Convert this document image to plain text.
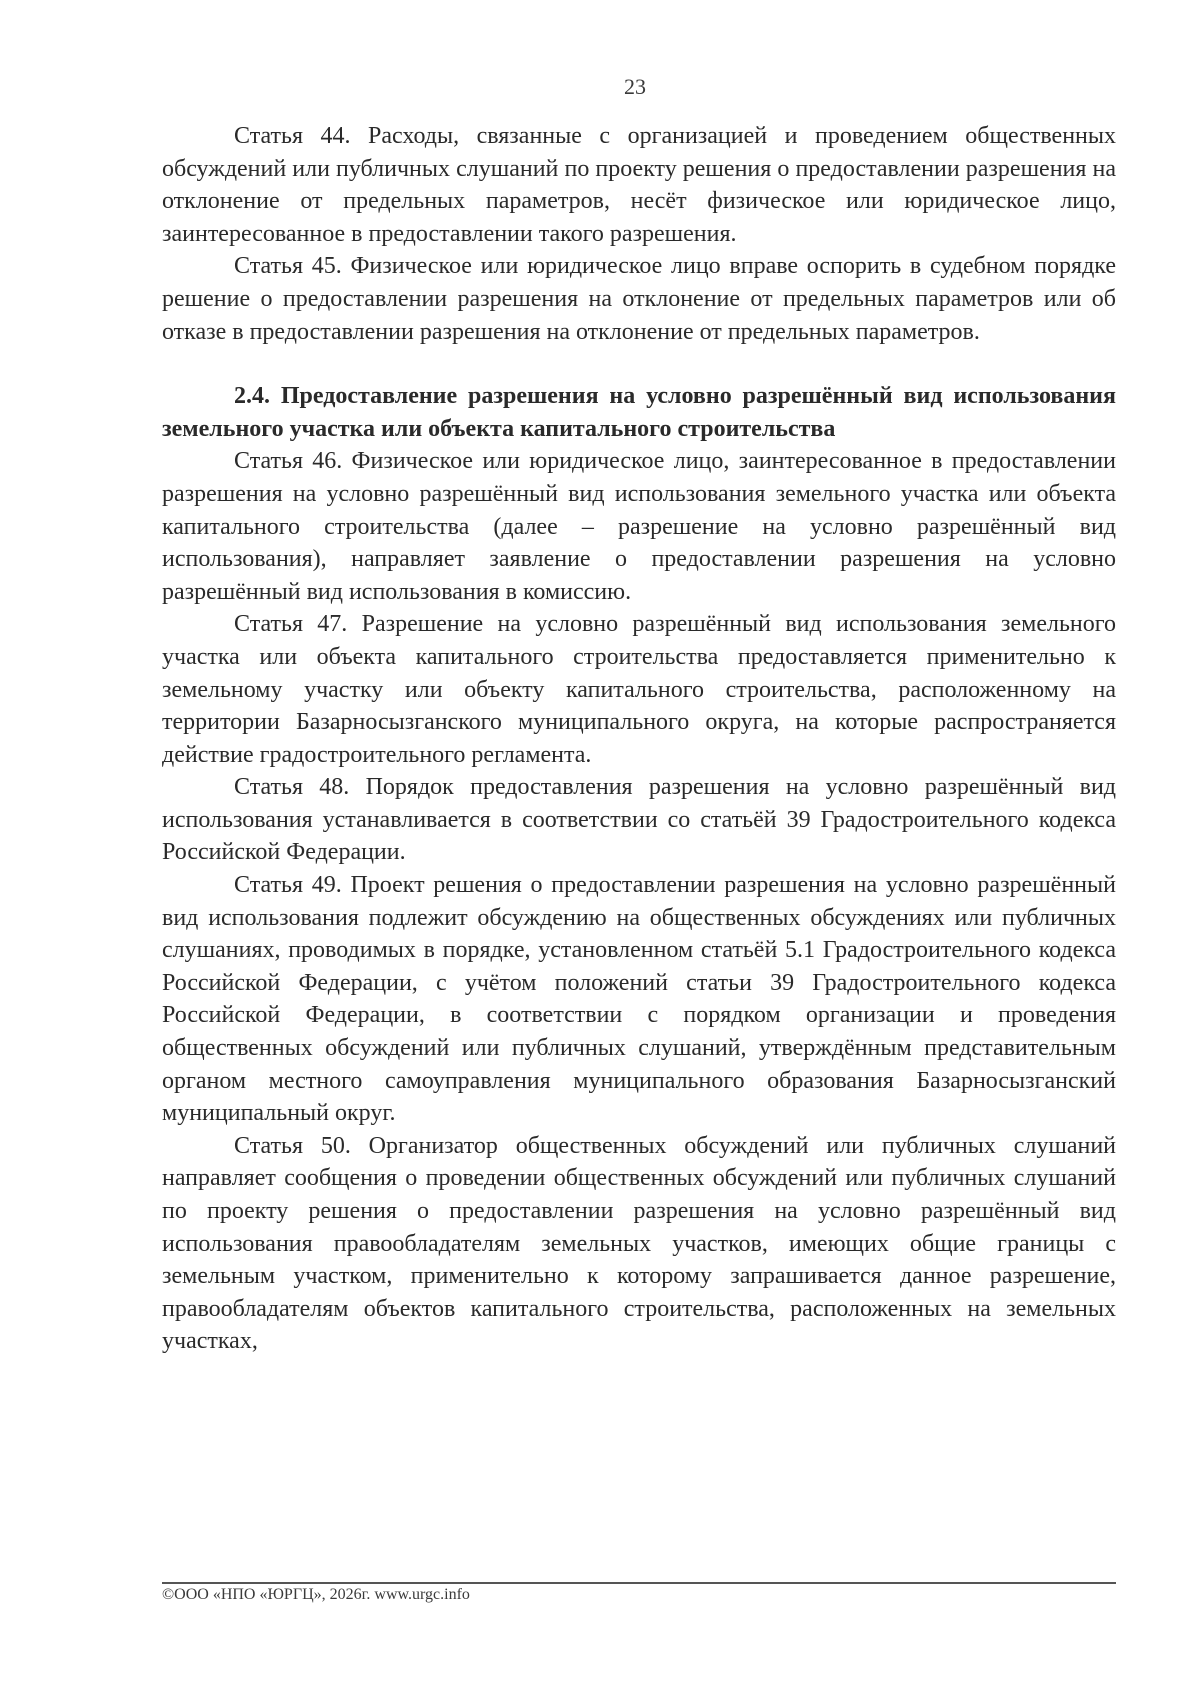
23

Статья 44. Расходы, связанные с организацией и проведением общественных обсуждений или публичных слушаний по проекту решения о предоставлении разрешения на отклонение от предельных параметров, несёт физическое или юридическое лицо, заинтересованное в предоставлении такого разрешения.

Статья 45. Физическое или юридическое лицо вправе оспорить в судебном порядке решение о предоставлении разрешения на отклонение от предельных параметров или об отказе в предоставлении разрешения на отклонение от предельных параметров.

2.4. Предоставление разрешения на условно разрешённый вид использования земельного участка или объекта капитального строительства

Статья 46. Физическое или юридическое лицо, заинтересованное в предоставлении разрешения на условно разрешённый вид использования земельного участка или объекта капитального строительства (далее – разрешение на условно разрешённый вид использования), направляет заявление о предоставлении разрешения на условно разрешённый вид использования в комиссию.

Статья 47. Разрешение на условно разрешённый вид использования земельного участка или объекта капитального строительства предоставляется применительно к земельному участку или объекту капитального строительства, расположенному на территории Базарносызганского муниципального округа, на которые распространяется действие градостроительного регламента.

Статья 48. Порядок предоставления разрешения на условно разрешённый вид использования устанавливается в соответствии со статьёй 39 Градостроительного кодекса Российской Федерации.

Статья 49. Проект решения о предоставлении разрешения на условно разрешённый вид использования подлежит обсуждению на общественных обсуждениях или публичных слушаниях, проводимых в порядке, установленном статьёй 5.1 Градостроительного кодекса Российской Федерации, с учётом положений статьи 39 Градостроительного кодекса Российской Федерации, в соответствии с порядком организации и проведения общественных обсуждений или публичных слушаний, утверждённым представительным органом местного самоуправления муниципального образования Базарносызганский муниципальный округ.

Статья 50. Организатор общественных обсуждений или публичных слушаний направляет сообщения о проведении общественных обсуждений или публичных слушаний по проекту решения о предоставлении разрешения на условно разрешённый вид использования правообладателям земельных участков, имеющих общие границы с земельным участком, применительно к которому запрашивается данное разрешение, правообладателям объектов капитального строительства, расположенных на земельных участках,

©ООО «НПО «ЮРГЦ», 2026г. www.urgc.info
